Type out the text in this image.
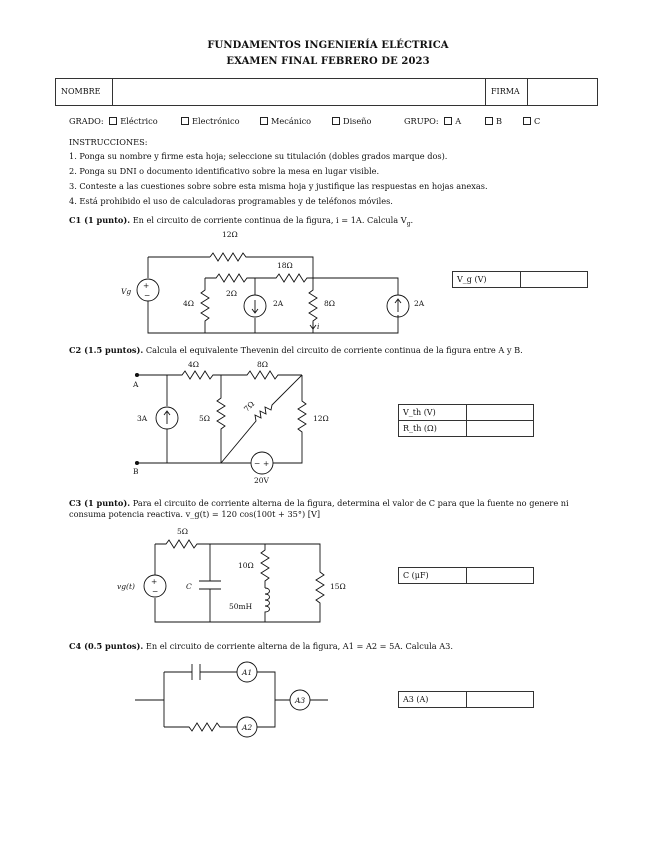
FUNDAMENTOS INGENIERÍA ELÉCTRICA
EXAMEN FINAL FEBRERO DE 2023
NOMBRE	FIRMA
GRADO: Eléctrico	Electrónico	Mecánico	Diseño	GRUPO: A	B	C
INSTRUCCIONES:
1. Ponga su nombre y firme esta hoja; seleccione su titulación (dobles grados marque dos).
2. Ponga su DNI o documento identificativo sobre la mesa en lugar visible.
3. Conteste a las cuestiones sobre sobre esta misma hoja y justifique las respuestas en hojas anexas.
4. Está prohibido el uso de calculadoras programables y de teléfonos móviles.
C1 (1 punto). En el circuito de corriente continua de la figura, i = 1A. Calcula $V_g$.
C2 (1.5 puntos). Calcula el equivalente Thevenin del circuito de corriente continua de la figura entre A y B.
C3 (1 punto). Para el circuito de corriente alterna de la figura, determina el valor de C para que la fuente no genere ni consuma potencia reactiva. v_g(t) = 120 cos(100t + 35°) [V]
C4 (0.5 puntos). En el circuito de corriente alterna de la figura, A1 = A2 = 5A. Calcula A3.
V_g (V)	
V_th (V)	
R_th (Ω)	
C (μF)	
A3 (A)	
+
−
12Ω
18Ω
4Ω
2Ω
2A	8Ω
i
2A
Vg
− +
A
B
4Ω	8Ω
3A	5Ω
7Ω
12Ω
20V
+
−
5Ω
vg(t)	C
10Ω
50mH
15Ω
A1
A2
A3
